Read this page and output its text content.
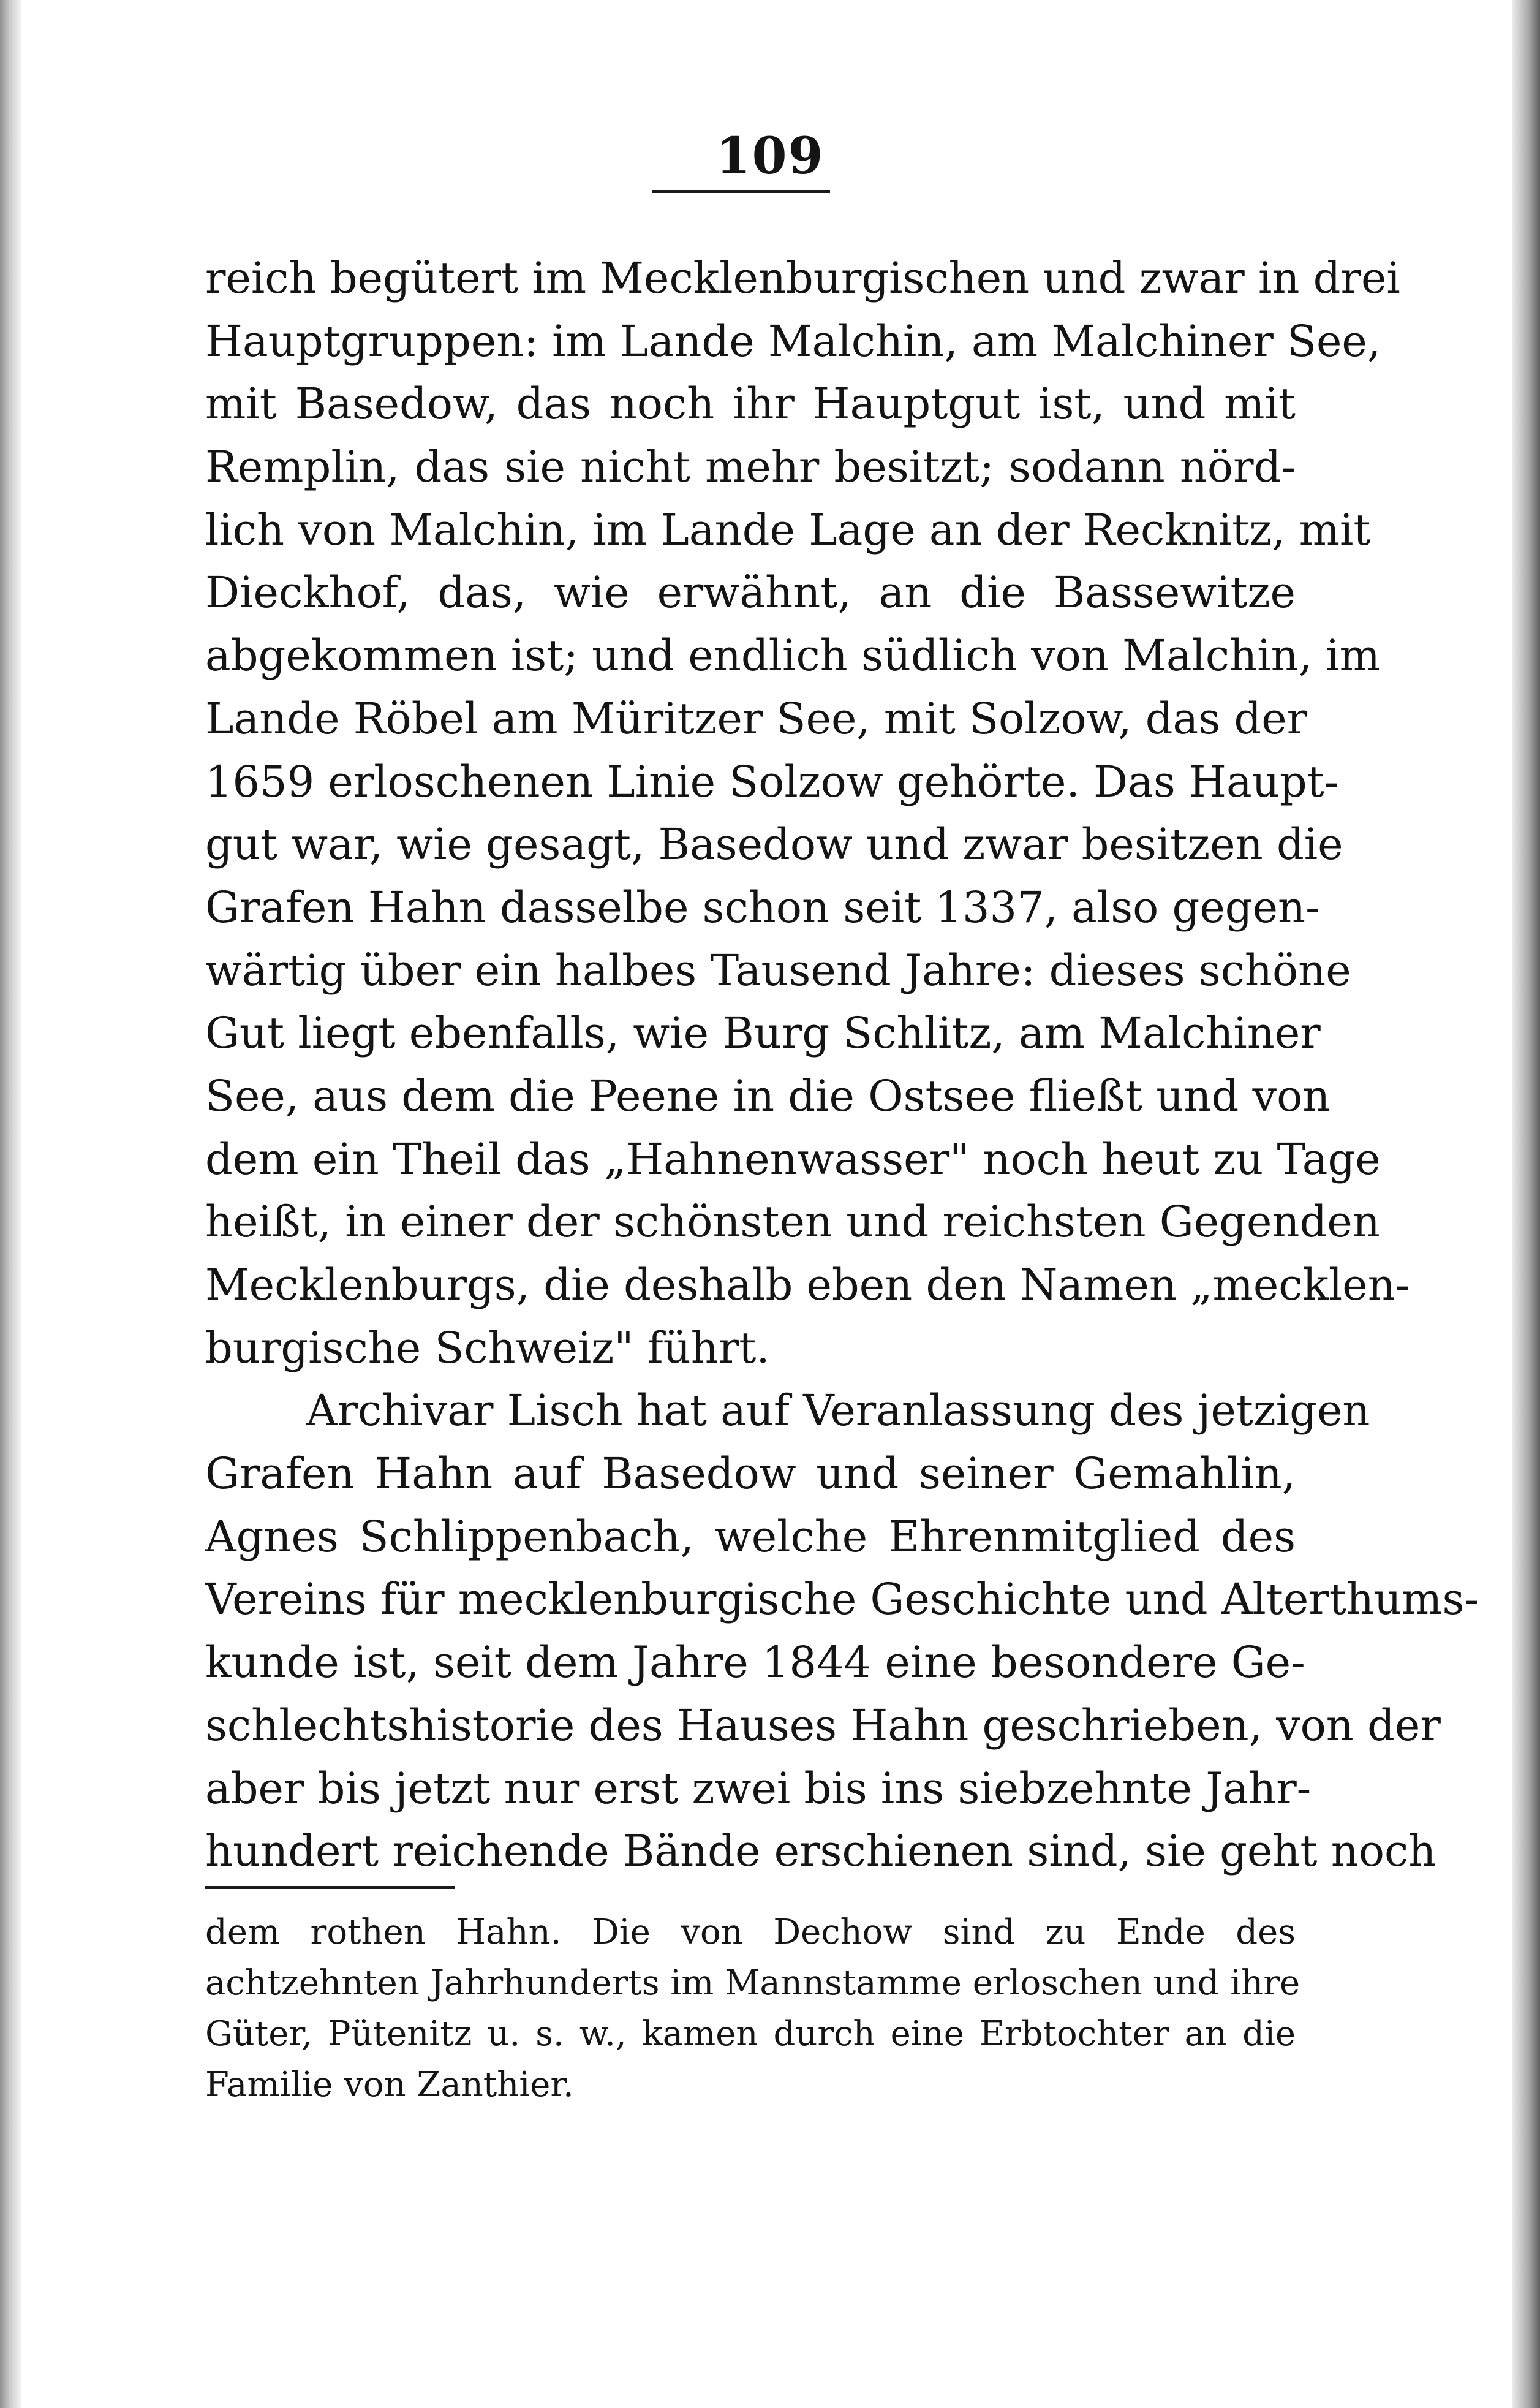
109

reich begütert im Mecklenburgischen und zwar in drei
Hauptgruppen: im Lande Malchin, am Malchiner See,
mit Basedow, das noch ihr Hauptgut ist, und mit
Remplin, das sie nicht mehr besitzt; sodann nörd-
lich von Malchin, im Lande Lage an der Recknitz, mit
Dieckhof, das, wie erwähnt, an die Bassewitze
abgekommen ist; und endlich südlich von Malchin, im
Lande Röbel am Müritzer See, mit Solzow, das der
1659 erloschenen Linie Solzow gehörte. Das Haupt-
gut war, wie gesagt, Basedow und zwar besitzen die
Grafen Hahn dasselbe schon seit 1337, also gegen-
wärtig über ein halbes Tausend Jahre: dieses schöne
Gut liegt ebenfalls, wie Burg Schlitz, am Malchiner
See, aus dem die Peene in die Ostsee fließt und von
dem ein Theil das „Hahnenwasser" noch heut zu Tage
heißt, in einer der schönsten und reichsten Gegenden
Mecklenburgs, die deshalb eben den Namen „mecklen-
burgische Schweiz" führt.
Archivar Lisch hat auf Veranlassung des jetzigen
Grafen Hahn auf Basedow und seiner Gemahlin,
Agnes Schlippenbach, welche Ehrenmitglied des
Vereins für mecklenburgische Geschichte und Alterthums-
kunde ist, seit dem Jahre 1844 eine besondere Ge-
schlechtshistorie des Hauses Hahn geschrieben, von der
aber bis jetzt nur erst zwei bis ins siebzehnte Jahr-
hundert reichende Bände erschienen sind, sie geht noch
dem rothen Hahn. Die von Dechow sind zu Ende des
achtzehnten Jahrhunderts im Mannstamme erloschen und ihre
Güter, Pütenitz u. s. w., kamen durch eine Erbtochter an die
Familie von Zanthier.
